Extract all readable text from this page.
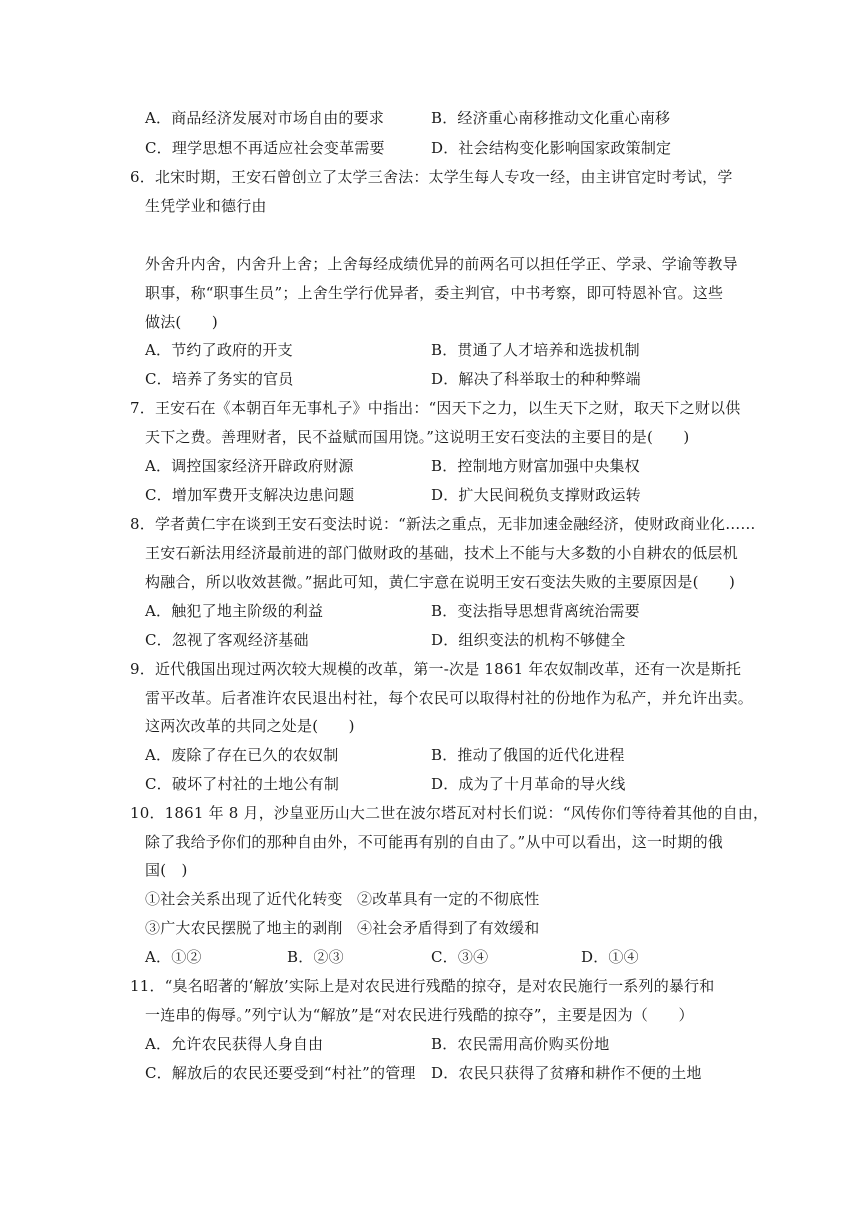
A．商品经济发展对市场自由的要求	B．经济重心南移推动文化重心南移
C．理学思想不再适应社会变革需要	D．社会结构变化影响国家政策制定
6．北宋时期，王安石曾创立了太学三舍法：太学生每人专攻一经，由主讲官定时考试，学
生凭学业和德行由
外舍升内舍，内舍升上舍；上舍每经成绩优异的前两名可以担任学正、学录、学谕等教导
职事，称“职事生员”；上舍生学行优异者，委主判官，中书考察，即可特恩补官。这些
做法(　　)
A．节约了政府的开支	B．贯通了人才培养和选拔机制
C．培养了务实的官员	D．解决了科举取士的种种弊端
7．王安石在《本朝百年无事札子》中指出：“因天下之力，以生天下之财，取天下之财以供
天下之费。善理财者，民不益赋而国用饶。”这说明王安石变法的主要目的是(　　)
A．调控国家经济开辟政府财源	B．控制地方财富加强中央集权
C．增加军费开支解决边患问题	D．扩大民间税负支撑财政运转
8．学者黄仁宇在谈到王安石变法时说：“新法之重点，无非加速金融经济，使财政商业化……
王安石新法用经济最前进的部门做财政的基础，技术上不能与大多数的小自耕农的低层机
构融合，所以收效甚微。”据此可知，黄仁宇意在说明王安石变法失败的主要原因是(　　)
A．触犯了地主阶级的利益	B．变法指导思想背离统治需要
C．忽视了客观经济基础	D．组织变法的机构不够健全
9．近代俄国出现过两次较大规模的改革，第一-次是 1861 年农奴制改革，还有一次是斯托
雷平改革。后者准许农民退出村社，每个农民可以取得村社的份地作为私产，并允许出卖。
这两次改革的共同之处是(　　)
A．废除了存在已久的农奴制	B．推动了俄国的近代化进程
C．破坏了村社的土地公有制	D．成为了十月革命的导火线
10．1861 年 8 月，沙皇亚历山大二世在波尔塔瓦对村长们说：“风传你们等待着其他的自由，
除了我给予你们的那种自由外，不可能再有别的自由了。”从中可以看出，这一时期的俄
国(　)
①社会关系出现了近代化转变 ②改革具有一定的不彻底性
③广大农民摆脱了地主的剥削 ④社会矛盾得到了有效缓和
A．①②	B．②③	C．③④	D．①④
11．“臭名昭著的‘解放’实际上是对农民进行残酷的掠夺，是对农民施行一系列的暴行和
一连串的侮辱。”列宁认为“解放”是“对农民进行残酷的掠夺”，主要是因为（　　）
A．允许农民获得人身自由	B．农民需用高价购买份地
C．解放后的农民还要受到“村社”的管理 D．农民只获得了贫瘠和耕作不便的土地
